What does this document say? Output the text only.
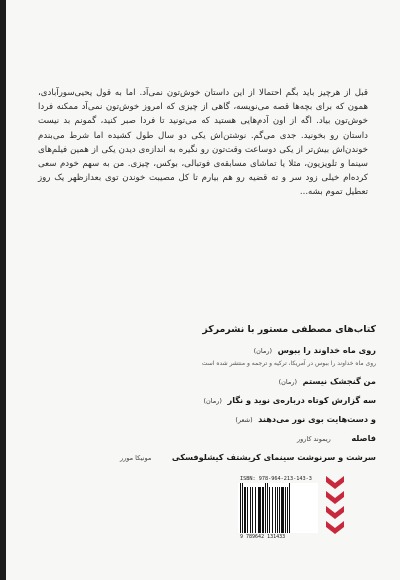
قبل از هرچیز باید بگم احتمالا از این داستان خوش‌تون نمی‌آد. اما به قول یحیی‌سورآبادی، همون که برای بچه‌ها قصه می‌نویسه، گاهی از چیزی که امروز خوش‌تون نمی‌آد ممکنه فردا خوش‌تون بیاد. اگه از اون آدم‌هایی هستید که می‌تونید تا فردا صبر کنید، گمونم بد نیست داستان رو بخونید. جدی می‌گم. نوشتن‌اش یکی دو سال طول کشیده اما شرط می‌بندم خوندن‌اش بیش‌تر از یکی دوساعت وقت‌تون رو نگیره به اندازه‌ی دیدن یکی از همین فیلم‌های سینما و تلویزیون، مثلا یا تماشای مسابقه‌ی فوتبالی، بوکس، چیزی. من به سهم خودم سعی کرده‌ام خیلی زود سر و ته قضیه رو هم بیارم تا کل مصیبت خوندن توی بعدازظهر یک روز تعطیل تموم بشه...

کتاب‌های مصطفی مستور با نشرمرکز
روی ماه خداوند را ببوس (رمان)
روی ماه خداوند را ببوس در آمریکا، ترکیه و ترجمه و منتشر شده است
من گنجشک نیستم (رمان)
سه گزارش کوتاه درباره‌ی نوید و نگار (رمان)
و دست‌هایت بوی نور می‌دهند (شعر)
فاصله ریموند کارور
سرشت و سرنوشت سینمای کریشتف کیشلوفسکی مونیکا مورر
ISBN: 978-964-213-143-3
9 789642 131433
